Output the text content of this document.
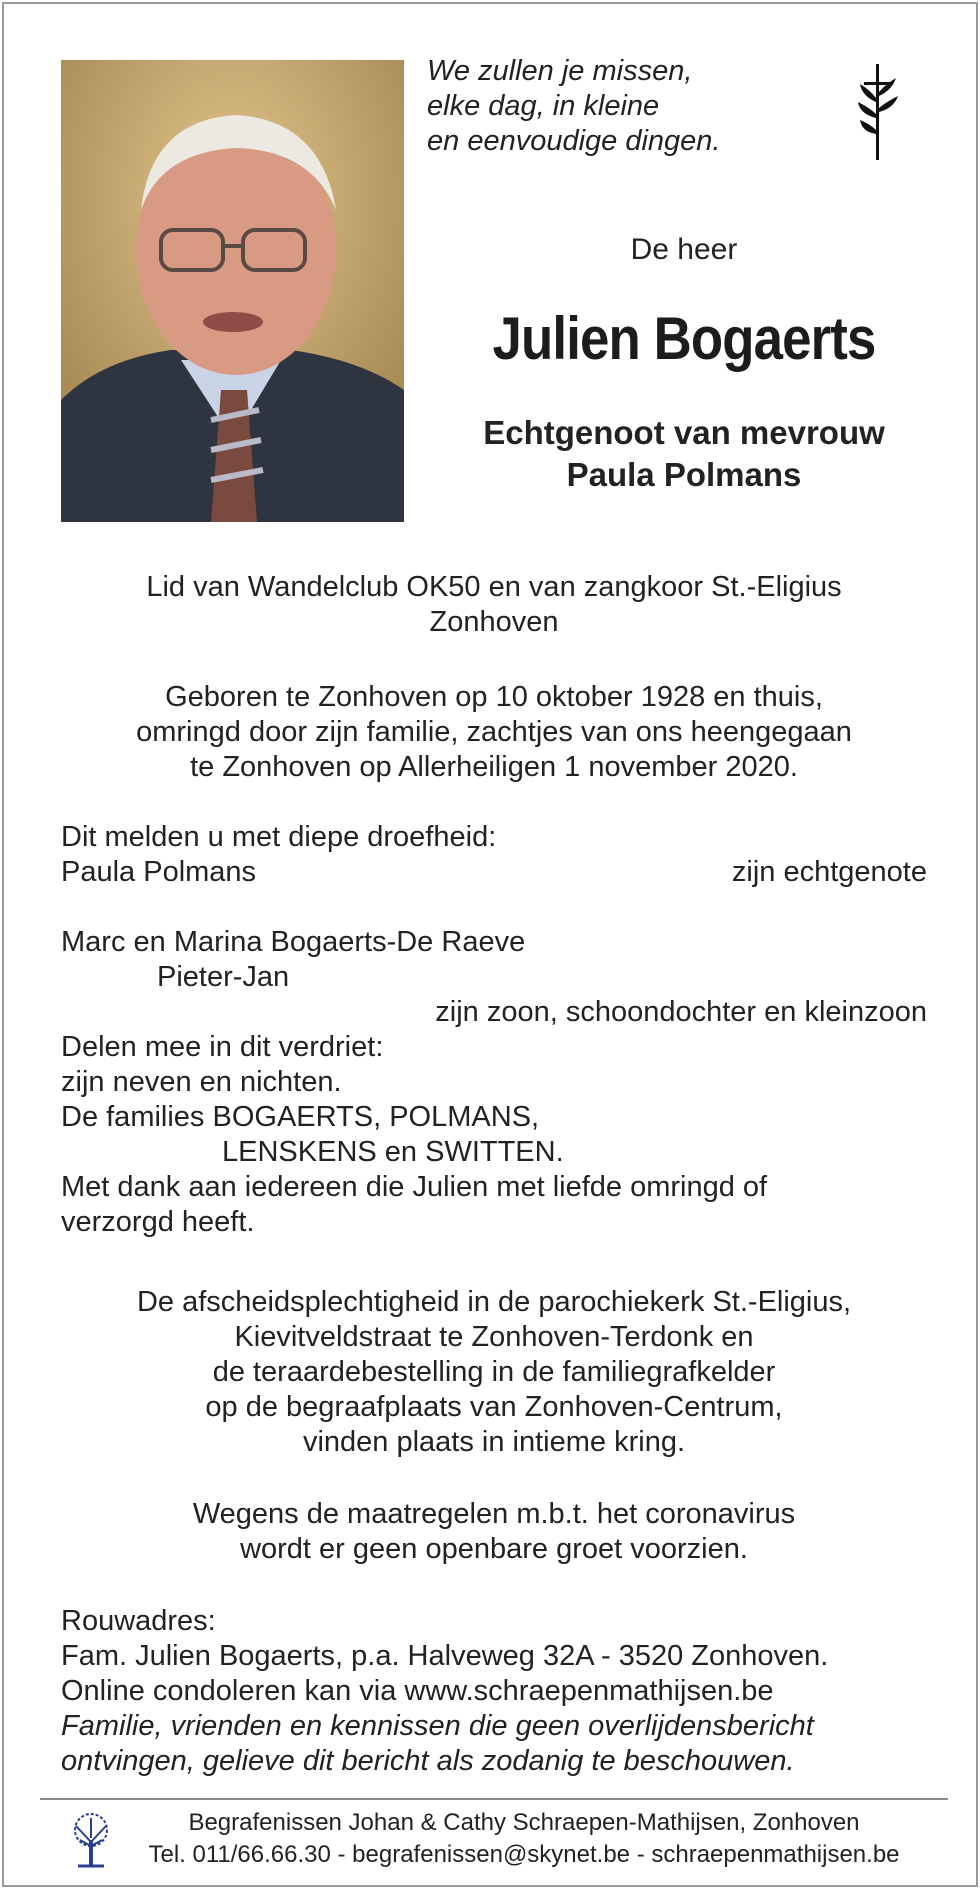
We zullen je missen,
elke dag, in kleine
en eenvoudige dingen.
De heer
Julien Bogaerts
Echtgenoot van mevrouw
Paula Polmans
Lid van Wandelclub OK50 en van zangkoor St.-Eligius
Zonhoven
Geboren te Zonhoven op 10 oktober 1928 en thuis,
omringd door zijn familie, zachtjes van ons heengegaan
te Zonhoven op Allerheiligen 1 november 2020.
Dit melden u met diepe droefheid:
Paula Polmans	zijn echtgenote
Marc en Marina Bogaerts-De Raeve
Pieter-Jan
zijn zoon, schoondochter en kleinzoon
Delen mee in dit verdriet:
zijn neven en nichten.
De families BOGAERTS, POLMANS,
LENSKENS en SWITTEN.
Met dank aan iedereen die Julien met liefde omringd of
verzorgd heeft.
De afscheidsplechtigheid in de parochiekerk St.-Eligius,
Kievitveldstraat te Zonhoven-Terdonk en
de teraardebestelling in de familiegrafkelder
op de begraafplaats van Zonhoven-Centrum,
vinden plaats in intieme kring.
Wegens de maatregelen m.b.t. het coronavirus
wordt er geen openbare groet voorzien.
Rouwadres:
Fam. Julien Bogaerts, p.a. Halveweg 32A - 3520 Zonhoven.
Online condoleren kan via www.schraepenmathijsen.be
Familie, vrienden en kennissen die geen overlijdensbericht
ontvingen, gelieve dit bericht als zodanig te beschouwen.
Begrafenissen Johan & Cathy Schraepen-Mathijsen, Zonhoven
Tel. 011/66.66.30 - begrafenissen@skynet.be - schraepenmathijsen.be
